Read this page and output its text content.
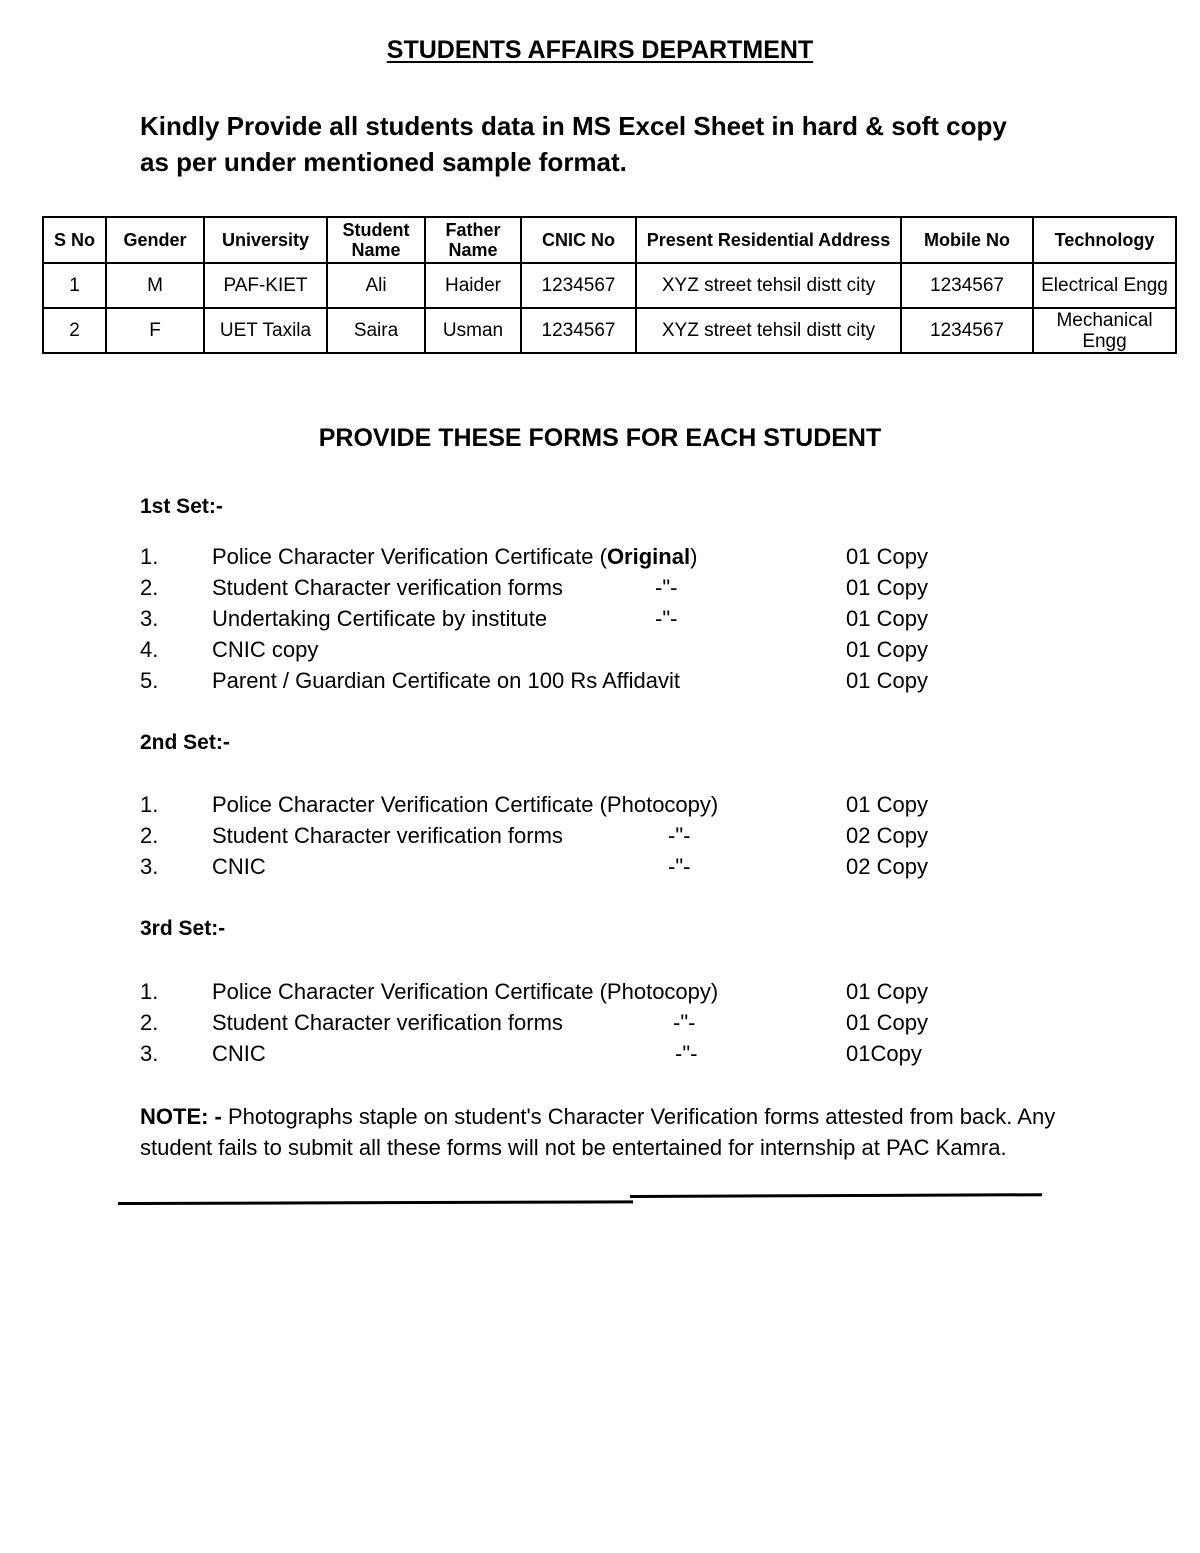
STUDENTS AFFAIRS DEPARTMENT
Kindly Provide all students data in MS Excel Sheet in hard & soft copy
as per under mentioned sample format.
S No	Gender	University	Student Name	Father Name	CNIC No	Present Residential Address	Mobile No	Technology
1	M	PAF-KIET	Ali	Haider	1234567	XYZ street tehsil distt city	1234567	Electrical Engg
2	F	UET Taxila	Saira	Usman	1234567	XYZ street tehsil distt city	1234567	Mechanical Engg
PROVIDE THESE FORMS FOR EACH STUDENT
1st Set:-
1. Police Character Verification Certificate (Original)	01 Copy
2. Student Character verification forms	-"-	01 Copy
3. Undertaking Certificate by institute	-"-	01 Copy
4. CNIC copy	01 Copy
5. Parent / Guardian Certificate on 100 Rs Affidavit	01 Copy
2nd Set:-
1. Police Character Verification Certificate (Photocopy)	01 Copy
2. Student Character verification forms	-"-	02 Copy
3. CNIC	-"-	02 Copy
3rd Set:-
1. Police Character Verification Certificate (Photocopy)	01 Copy
2. Student Character verification forms	-"-	01 Copy
3. CNIC	-"-	01Copy
NOTE: - Photographs staple on student's Character Verification forms attested from back. Any student fails to submit all these forms will not be entertained for internship at PAC Kamra.
